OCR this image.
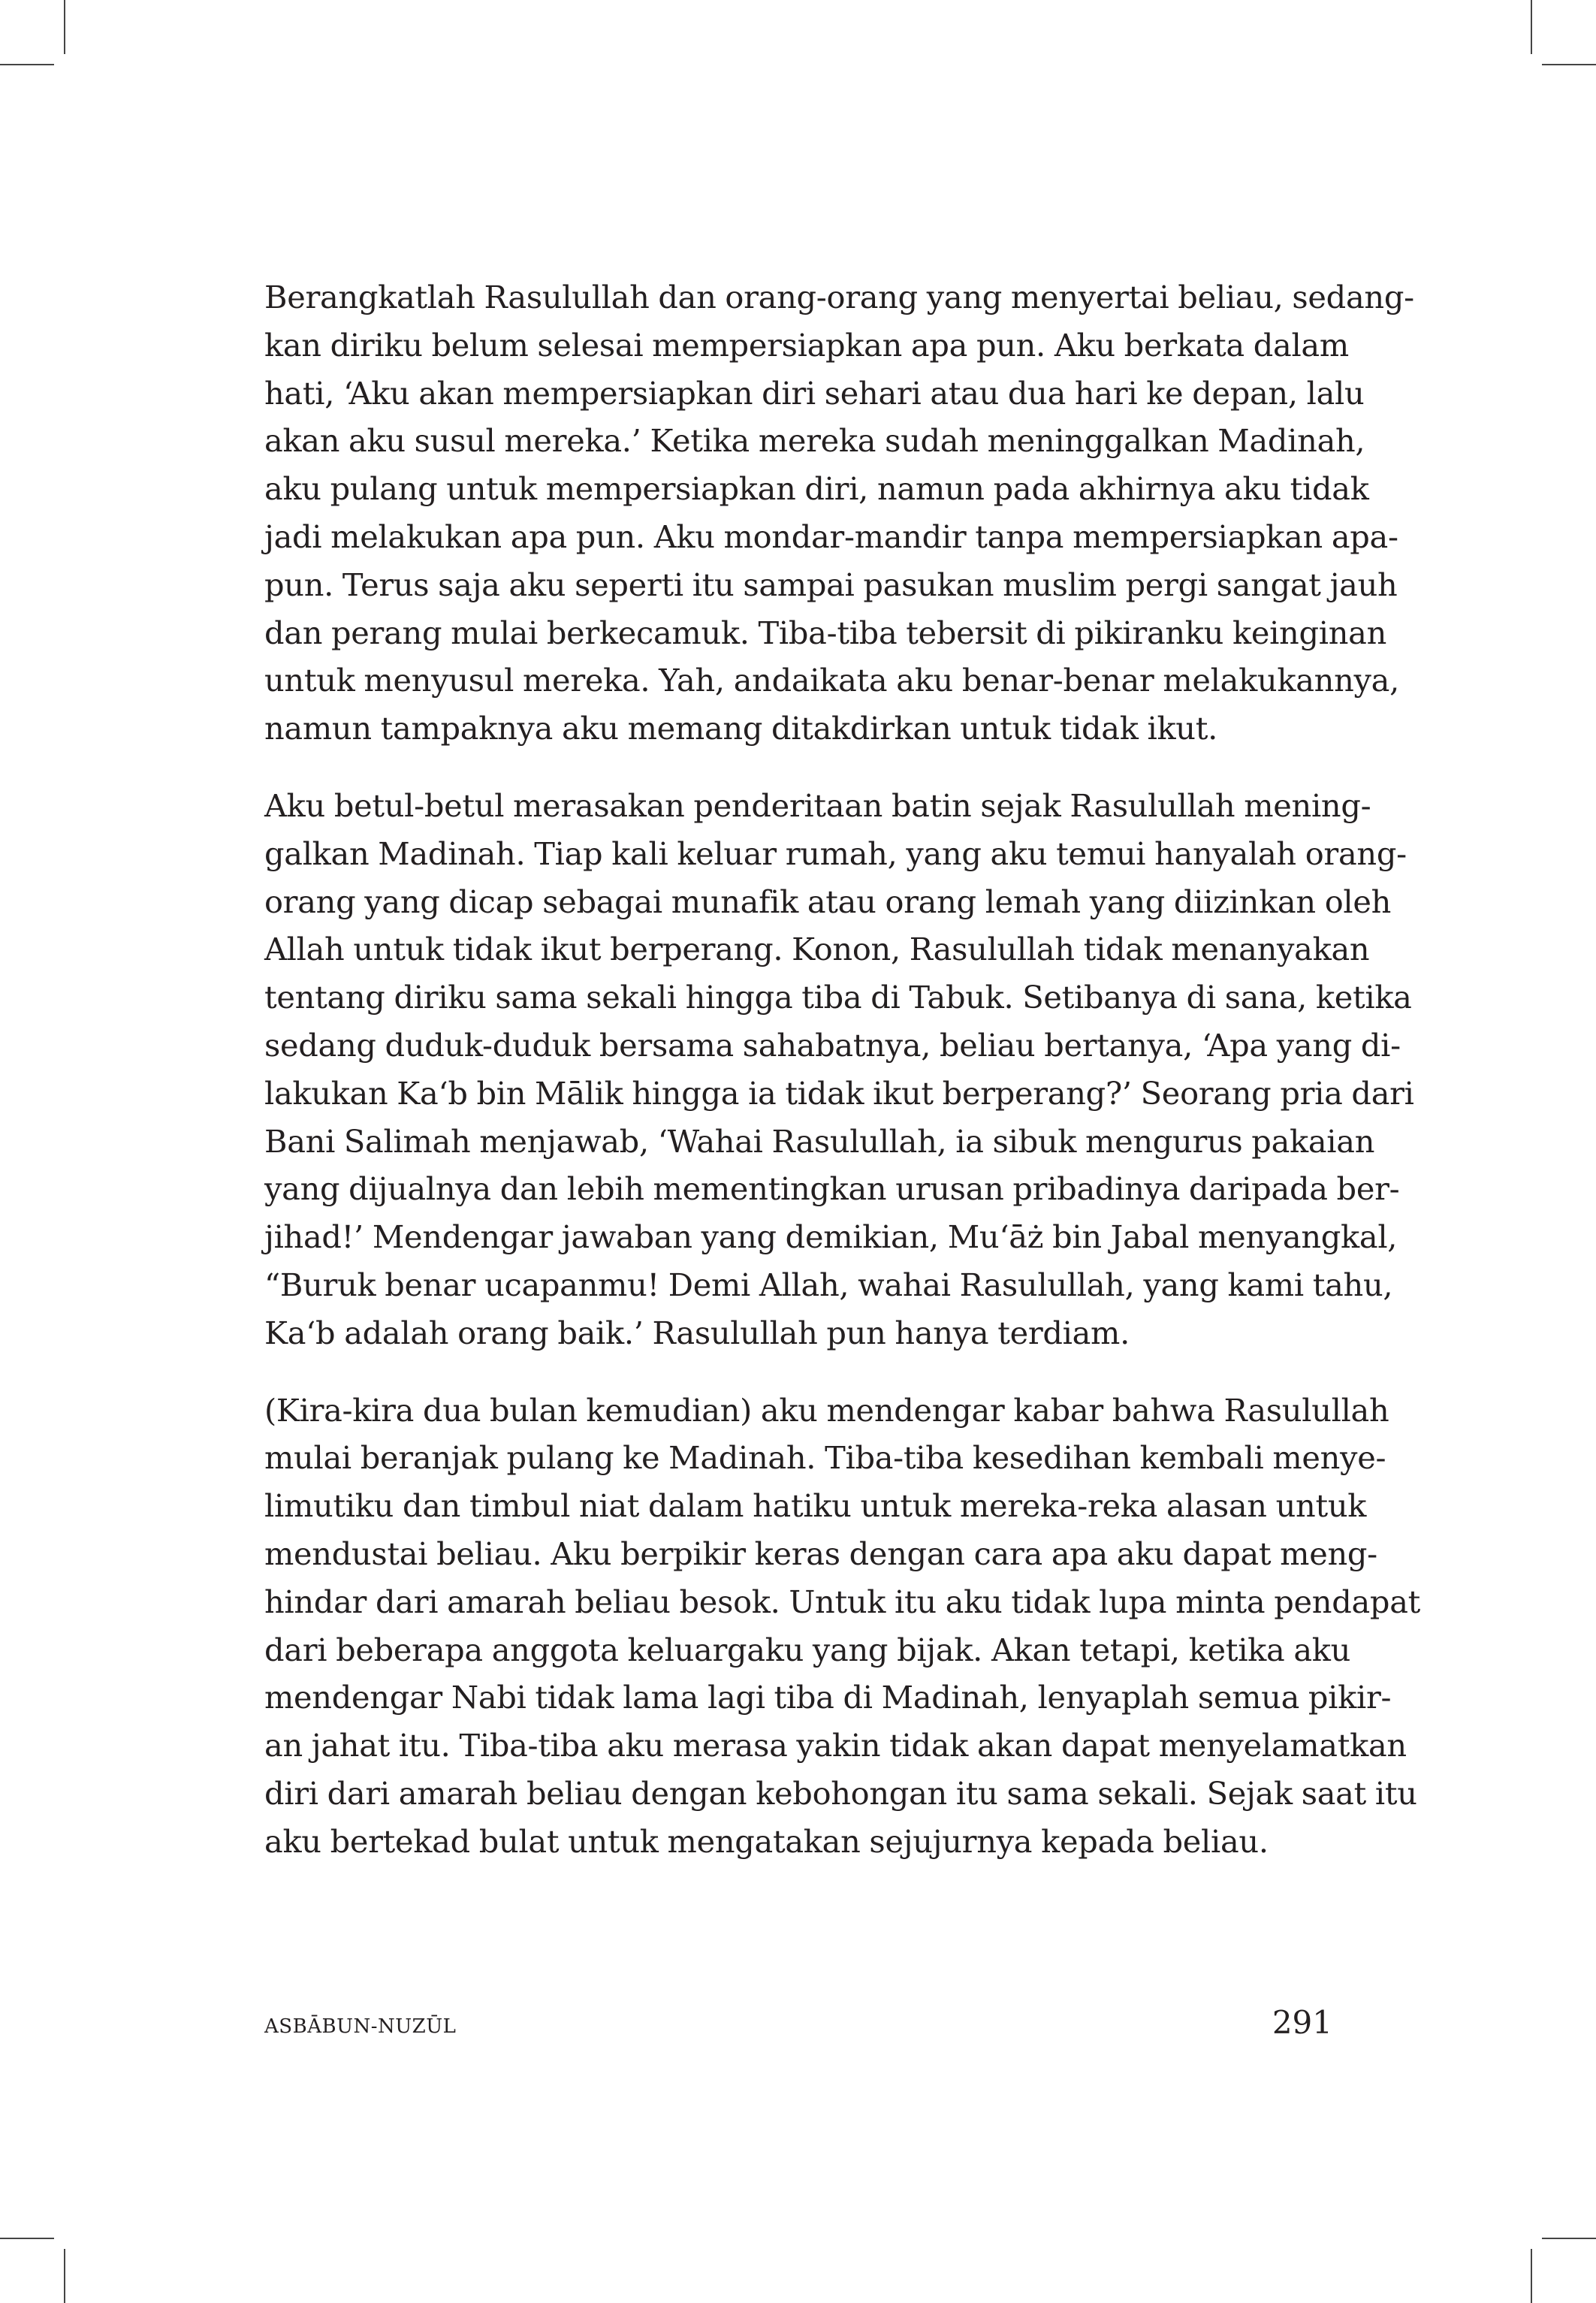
Berangkatlah Rasulullah dan orang-orang yang menyertai beliau, sedang-
kan diriku belum selesai mempersiapkan apa pun. Aku berkata dalam
hati, ‘Aku akan mempersiapkan diri sehari atau dua hari ke depan, lalu
akan aku susul mereka.’ Ketika mereka sudah meninggalkan Madinah,
aku pulang untuk mempersiapkan diri, namun pada akhirnya aku tidak
jadi melakukan apa pun. Aku mondar-mandir tanpa mempersiapkan apa-
pun. Terus saja aku seperti itu sampai pasukan muslim pergi sangat jauh
dan perang mulai berkecamuk. Tiba-tiba tebersit di pikiranku keinginan
untuk menyusul mereka. Yah, andaikata aku benar-benar melakukannya,
namun tampaknya aku memang ditakdirkan untuk tidak ikut.

Aku betul-betul merasakan penderitaan batin sejak Rasulullah mening-
galkan Madinah. Tiap kali keluar rumah, yang aku temui hanyalah orang-
orang yang dicap sebagai munafik atau orang lemah yang diizinkan oleh
Allah untuk tidak ikut berperang. Konon, Rasulullah tidak menanyakan
tentang diriku sama sekali hingga tiba di Tabuk. Setibanya di sana, ketika
sedang duduk-duduk bersama sahabatnya, beliau bertanya, ‘Apa yang di-
lakukan Ka‘b bin Mālik hingga ia tidak ikut berperang?’ Seorang pria dari
Bani Salimah menjawab, ‘Wahai Rasulullah, ia sibuk mengurus pakaian
yang dijualnya dan lebih mementingkan urusan pribadinya daripada ber-
jihad!’ Mendengar jawaban yang demikian, Mu‘āż bin Jabal menyangkal,
“Buruk benar ucapanmu! Demi Allah, wahai Rasulullah, yang kami tahu,
Ka‘b adalah orang baik.’ Rasulullah pun hanya terdiam.

(Kira-kira dua bulan kemudian) aku mendengar kabar bahwa Rasulullah
mulai beranjak pulang ke Madinah. Tiba-tiba kesedihan kembali menye-
limutiku dan timbul niat dalam hatiku untuk mereka-reka alasan untuk
mendustai beliau. Aku berpikir keras dengan cara apa aku dapat meng-
hindar dari amarah beliau besok. Untuk itu aku tidak lupa minta pendapat
dari beberapa anggota keluargaku yang bijak. Akan tetapi, ketika aku
mendengar Nabi tidak lama lagi tiba di Madinah, lenyaplah semua pikir-
an jahat itu. Tiba-tiba aku merasa yakin tidak akan dapat menyelamatkan
diri dari amarah beliau dengan kebohongan itu sama sekali. Sejak saat itu
aku bertekad bulat untuk mengatakan sejujurnya kepada beliau.

ASBĀBUN-NUZŪL	291
